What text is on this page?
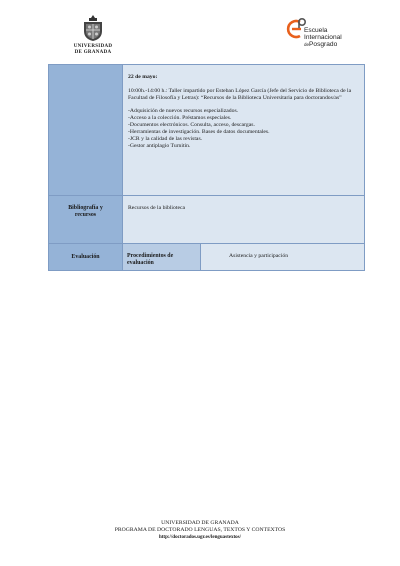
UNIVERSIDAD
DE GRANADA
Escuela
Internacional
dePosgrado

22 de mayo:

10:00h.-14:00 h.: Taller impartido por Esteban López García (Jefe del Servicio de Biblioteca de la Facultad de Filosofía y Letras): “Recursos de la Biblioteca Universitaria para doctorandos/as”

-Adquisición de nuevos recursos especializados.

-Acceso a la colección. Préstamos especiales.

-Documentos electrónicos. Consulta, acceso, descargas.

-Herramientas de investigación. Bases de datos documentales.

-JCR y la calidad de las revistas.

-Gestor antiplagio Turnitin.

Bibliografía y recursos
Recursos de la biblioteca
Evaluación	Procedimientos de evaluación
Asistencia y participación
UNIVERSIDAD DE GRANADA
PROGRAMA DE DOCTORADO LENGUAS, TEXTOS Y CONTEXTOS
http://doctorados.ugr.es/lenguastextos/
